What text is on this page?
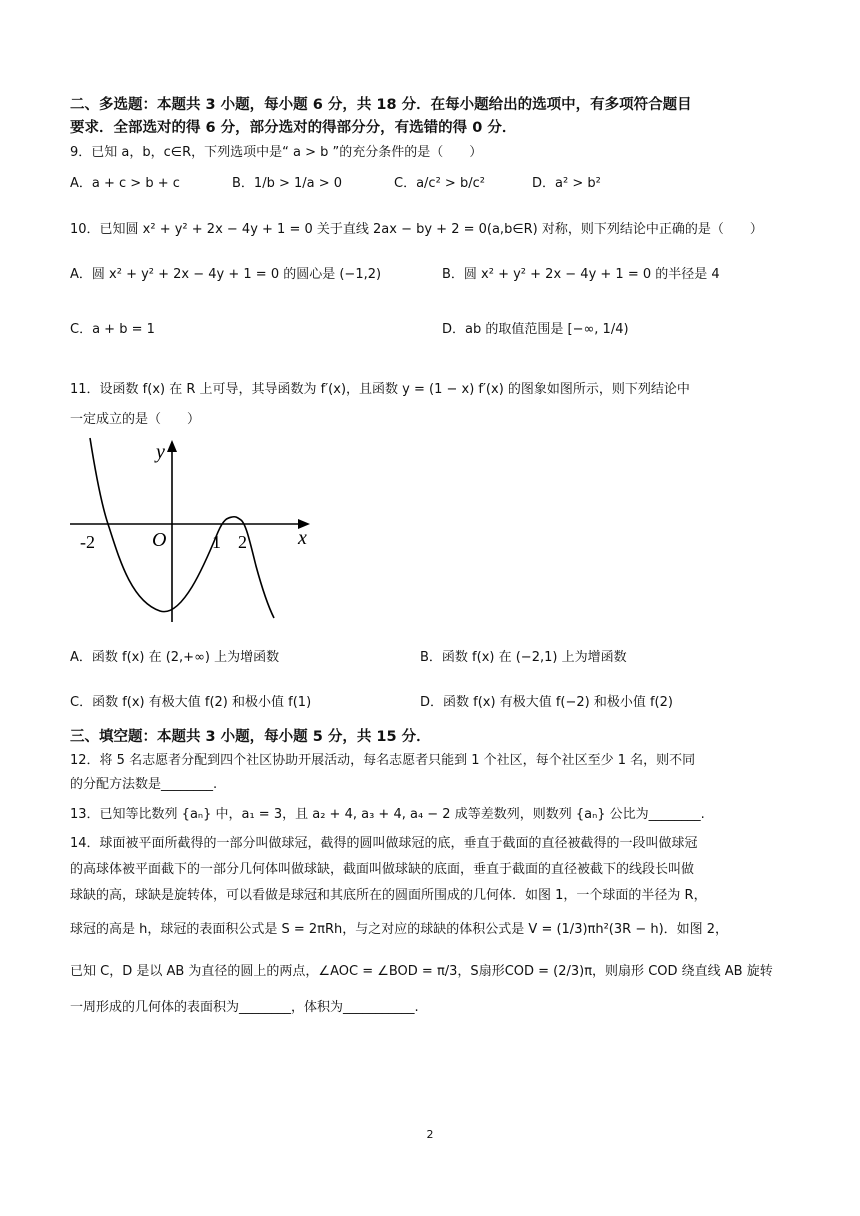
二、多选题：本题共 3 小题，每小题 6 分，共 18 分．在每小题给出的选项中，有多项符合题目
要求．全部选对的得 6 分，部分选对的得部分分，有选错的得 0 分．
9．已知 a，b，c∈R，下列选项中是“ a > b ”的充分条件的是（　　）
A．a + c > b + c	B．1/b > 1/a > 0	C．a/c² > b/c²	D．a² > b²
10．已知圆 x² + y² + 2x − 4y + 1 = 0 关于直线 2ax − by + 2 = 0(a,b∈R) 对称，则下列结论中正确的是（　　）
A．圆 x² + y² + 2x − 4y + 1 = 0 的圆心是 (−1,2)	B．圆 x² + y² + 2x − 4y + 1 = 0 的半径是 4
C．a + b = 1	D．ab 的取值范围是 [−∞, 1/4)
11．设函数 f(x) 在 R 上可导，其导函数为 f′(x)，且函数 y = (1 − x) f′(x) 的图象如图所示，则下列结论中
一定成立的是（　　）
y
x
O
-2	1 2
A．函数 f(x) 在 (2,+∞) 上为增函数	B．函数 f(x) 在 (−2,1) 上为增函数
C．函数 f(x) 有极大值 f(2) 和极小值 f(1)	D．函数 f(x) 有极大值 f(−2) 和极小值 f(2)
三、填空题：本题共 3 小题，每小题 5 分，共 15 分．
12．将 5 名志愿者分配到四个社区协助开展活动，每名志愿者只能到 1 个社区，每个社区至少 1 名，则不同
的分配方法数是________.
13．已知等比数列 {aₙ} 中，a₁ = 3，且 a₂ + 4, a₃ + 4, a₄ − 2 成等差数列，则数列 {aₙ} 公比为________.
14．球面被平面所截得的一部分叫做球冠，截得的圆叫做球冠的底，垂直于截面的直径被截得的一段叫做球冠
的高球体被平面截下的一部分几何体叫做球缺，截面叫做球缺的底面，垂直于截面的直径被截下的线段长叫做
球缺的高，球缺是旋转体，可以看做是球冠和其底所在的圆面所围成的几何体．如图 1，一个球面的半径为 R，
球冠的高是 h，球冠的表面积公式是 S = 2πRh，与之对应的球缺的体积公式是 V = (1/3)πh²(3R − h)．如图 2，
已知 C，D 是以 AB 为直径的圆上的两点，∠AOC = ∠BOD = π/3，S扇形COD = (2/3)π，则扇形 COD 绕直线 AB 旋转
一周形成的几何体的表面积为________，体积为___________.
2
